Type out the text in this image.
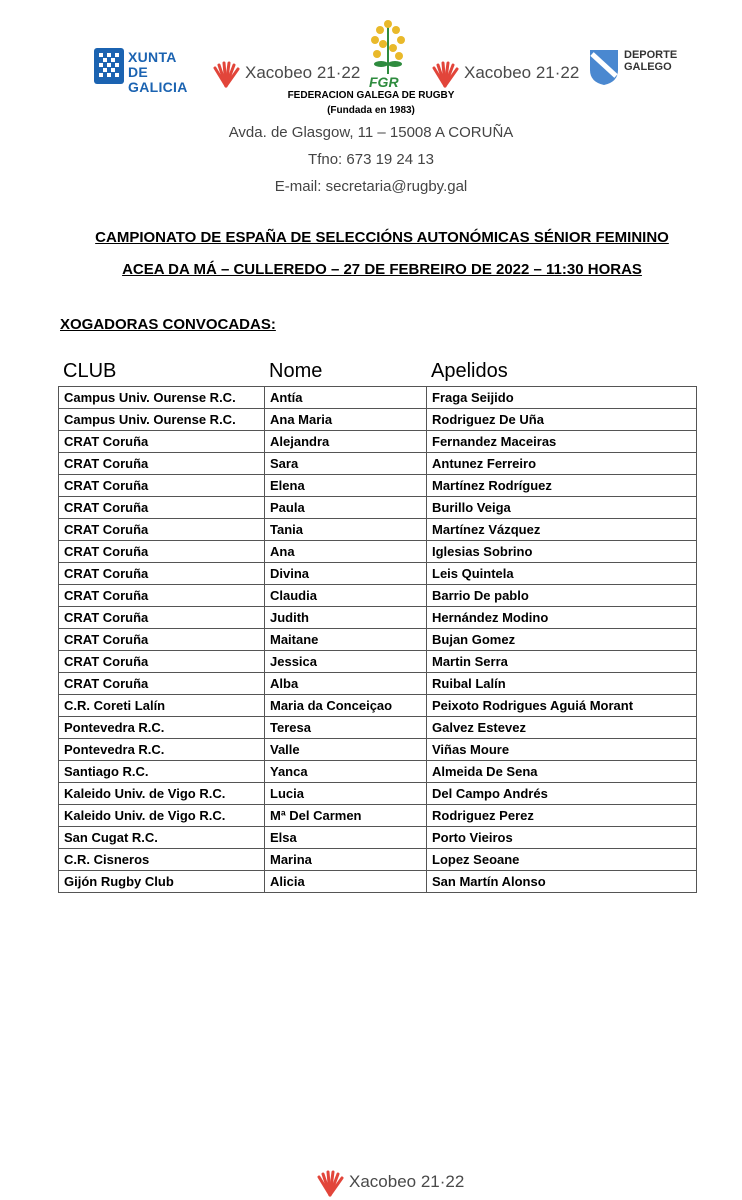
XUNTA
DE GALICIA
Xacobeo 21·22 FGR	Xacobeo 21·22
DEPORTE
GALEGO
FEDERACION GALEGA DE RUGBY
(Fundada en 1983)
Avda. de Glasgow, 11 – 15008 A CORUÑA
Tfno: 673 19 24 13
E-mail: secretaria@rugby.gal
CAMPIONATO DE ESPAÑA DE SELECCIÓNS AUTONÓMICAS SÉNIOR FEMININO
ACEA DA MÁ – CULLEREDO – 27 DE FEBREIRO DE 2022 – 11:30 HORAS
XOGADORAS CONVOCADAS:
CLUB	Nome	Apelidos
Campus Univ. Ourense R.C.	Antía	Fraga Seijido
Campus Univ. Ourense R.C.	Ana Maria	Rodriguez De Uña
CRAT Coruña	Alejandra	Fernandez Maceiras
CRAT Coruña	Sara	Antunez Ferreiro
CRAT Coruña	Elena	Martínez Rodríguez
CRAT Coruña	Paula	Burillo Veiga
CRAT Coruña	Tania	Martínez Vázquez
CRAT Coruña	Ana	Iglesias Sobrino
CRAT Coruña	Divina	Leis Quintela
CRAT Coruña	Claudia	Barrio De pablo
CRAT Coruña	Judith	Hernández Modino
CRAT Coruña	Maitane	Bujan Gomez
CRAT Coruña	Jessica	Martin Serra
CRAT Coruña	Alba	Ruibal Lalín
C.R. Coreti Lalín	Maria da Conceiçao	Peixoto Rodrigues Aguiá Morant
Pontevedra R.C.	Teresa	Galvez Estevez
Pontevedra R.C.	Valle	Viñas Moure
Santiago R.C.	Yanca	Almeida De Sena
Kaleido Univ. de Vigo R.C.	Lucia	Del Campo Andrés
Kaleido Univ. de Vigo R.C.	Mª Del Carmen	Rodriguez Perez
San Cugat R.C.	Elsa	Porto Vieiros
C.R. Cisneros	Marina	Lopez Seoane
Gijón Rugby Club	Alicia	San Martín Alonso
Xacobeo 21·22
